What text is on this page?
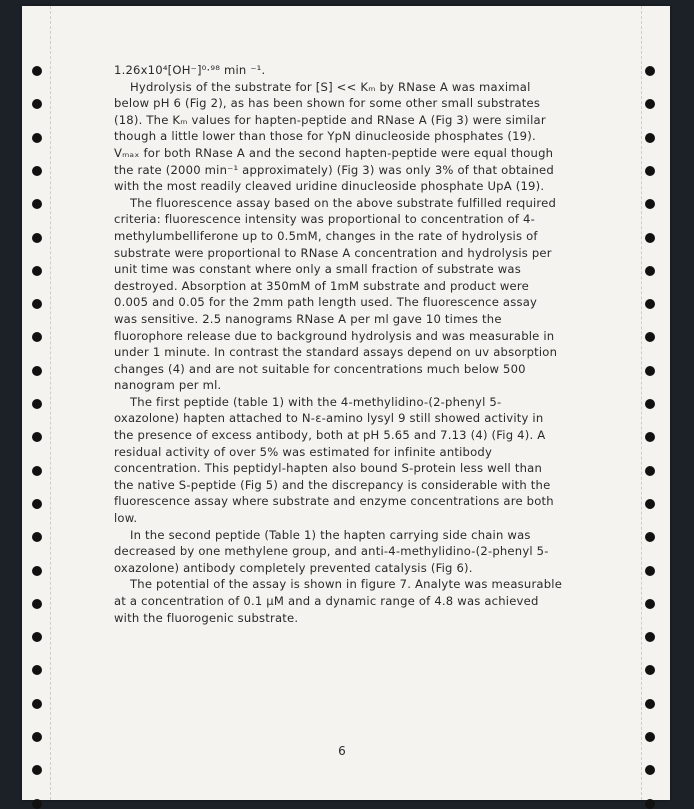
1.26x10⁴[OH⁻]⁰·⁹⁸ min ⁻¹.

Hydrolysis of the substrate for [S] << Kₘ by RNase A was maximal below pH 6 (Fig 2), as has been shown for some other small substrates (18). The Kₘ values for hapten-peptide and RNase A (Fig 3) were similar though a little lower than those for YpN dinucleoside phosphates (19). Vₘₐₓ for both RNase A and the second hapten-peptide were equal though the rate (2000 min⁻¹ approximately) (Fig 3) was only 3% of that obtained with the most readily cleaved uridine dinucleoside phosphate UpA (19).

The fluorescence assay based on the above substrate fulfilled required criteria: fluorescence intensity was proportional to concentration of 4-methylumbelliferone up to 0.5mM, changes in the rate of hydrolysis of substrate were proportional to RNase A concentration and hydrolysis per unit time was constant where only a small fraction of substrate was destroyed. Absorption at 350mM of 1mM substrate and product were 0.005 and 0.05 for the 2mm path length used. The fluorescence assay was sensitive. 2.5 nanograms RNase A per ml gave 10 times the fluorophore release due to background hydrolysis and was measurable in under 1 minute. In contrast the standard assays depend on uv absorption changes (4) and are not suitable for concentrations much below 500 nanogram per ml.

The first peptide (table 1) with the 4-methylidino-(2-phenyl 5-oxazolone) hapten attached to N-ε-amino lysyl 9 still showed activity in the presence of excess antibody, both at pH 5.65 and 7.13 (4) (Fig 4). A residual activity of over 5% was estimated for infinite antibody concentration. This peptidyl-hapten also bound S-protein less well than the native S-peptide (Fig 5) and the discrepancy is considerable with the fluorescence assay where substrate and enzyme concentrations are both low.

In the second peptide (Table 1) the hapten carrying side chain was decreased by one methylene group, and anti-4-methylidino-(2-phenyl 5-oxazolone) antibody completely prevented catalysis (Fig 6).

The potential of the assay is shown in figure 7. Analyte was measurable at a concentration of 0.1 μM and a dynamic range of 4.8 was achieved with the fluorogenic substrate.

6
